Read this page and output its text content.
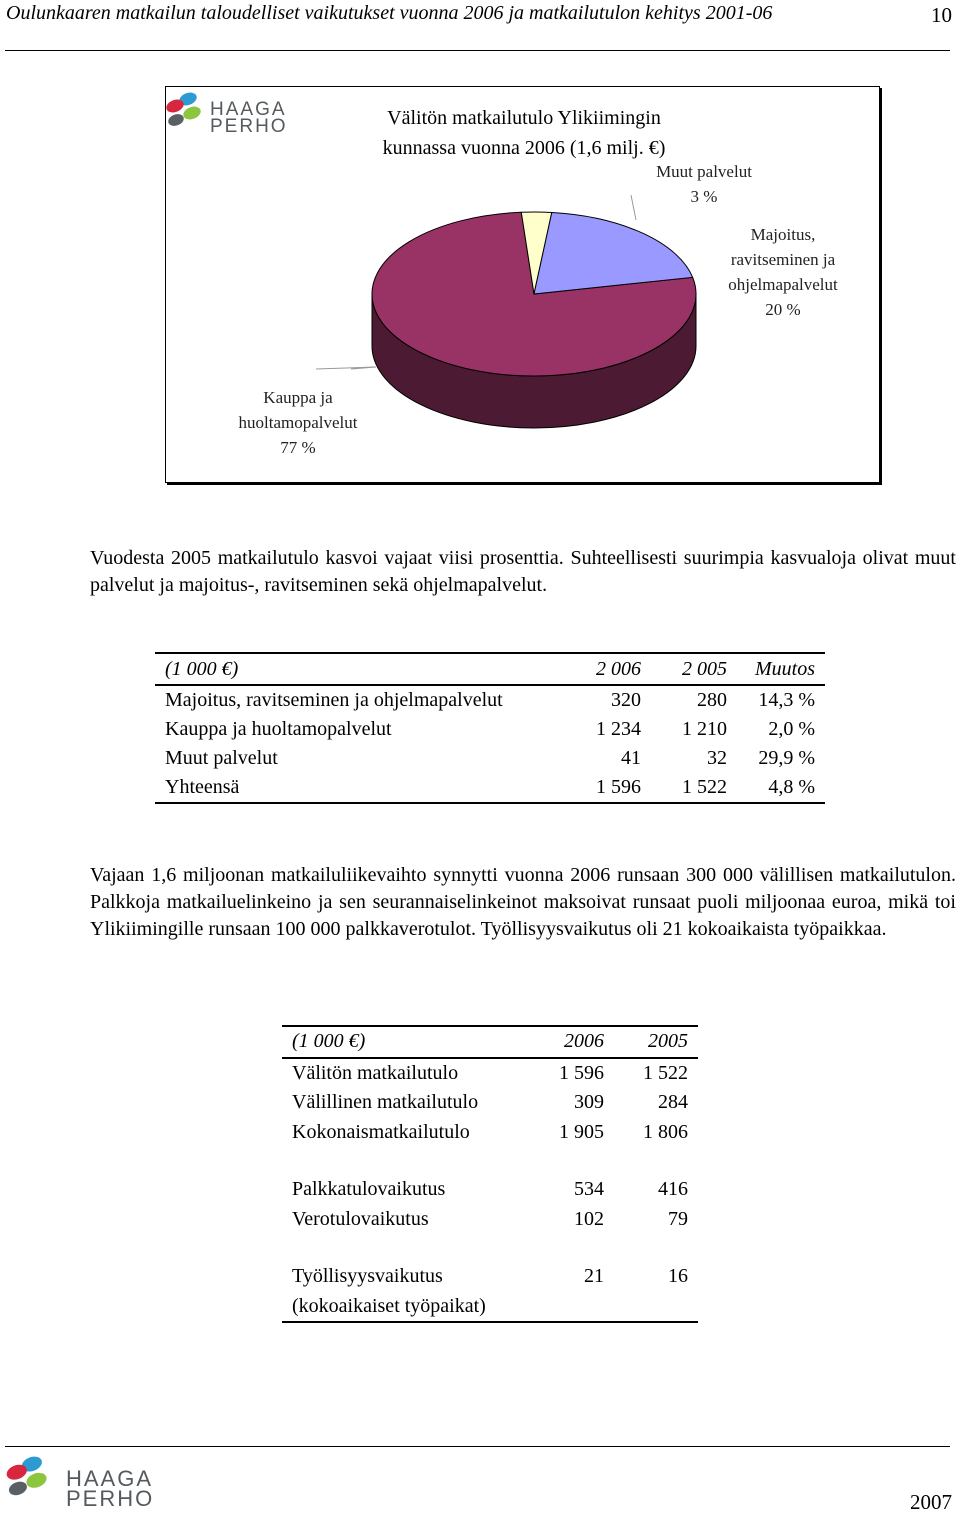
Oulunkaaren matkailun taloudelliset vaikutukset vuonna 2006 ja matkailutulon kehitys 2001-06	10
HAAGA
PERHO	Välitön matkailutulo Ylikiimingin
kunnassa vuonna 2006 (1,6 milj. €)
Kauppa ja
huoltamopalvelut
77 %
Muut palvelut
3 %
Majoitus,
ravitseminen ja
ohjelmapalvelut
20 %
Vuodesta 2005 matkailutulo kasvoi vajaat viisi prosenttia. Suhteellisesti suurimpia kasvualoja olivat muut palvelut ja majoitus-, ravitseminen sekä ohjelmapalvelut.
(1 000 €)	2 006	2 005	Muutos
Majoitus, ravitseminen ja ohjelmapalvelut	320	280	14,3 %
Kauppa ja huoltamopalvelut	1 234	1 210	2,0 %
Muut palvelut	41	32	29,9 %
Yhteensä	1 596	1 522	4,8 %
Vajaan 1,6 miljoonan matkailuliikevaihto synnytti vuonna 2006 runsaan 300 000 välillisen matkailutulon. Palkkoja matkailuelinkeino ja sen seurannaiselinkeinot maksoivat runsaat puoli miljoonaa euroa, mikä toi Ylikiimingille runsaan 100 000 palkkaverotulot. Työllisyysvaikutus oli 21 kokoaikaista työpaikkaa.
(1 000 €)	2006	2005
Välitön matkailutulo	1 596	1 522
Välillinen matkailutulo	309	284
Kokonaismatkailutulo	1 905	1 806

Palkkatulovaikutus	534	416
Verotulovaikutus	102	79

Työllisyysvaikutus	21	16
(kokoaikaiset työpaikat)		
HAAGA
PERHO	2007
